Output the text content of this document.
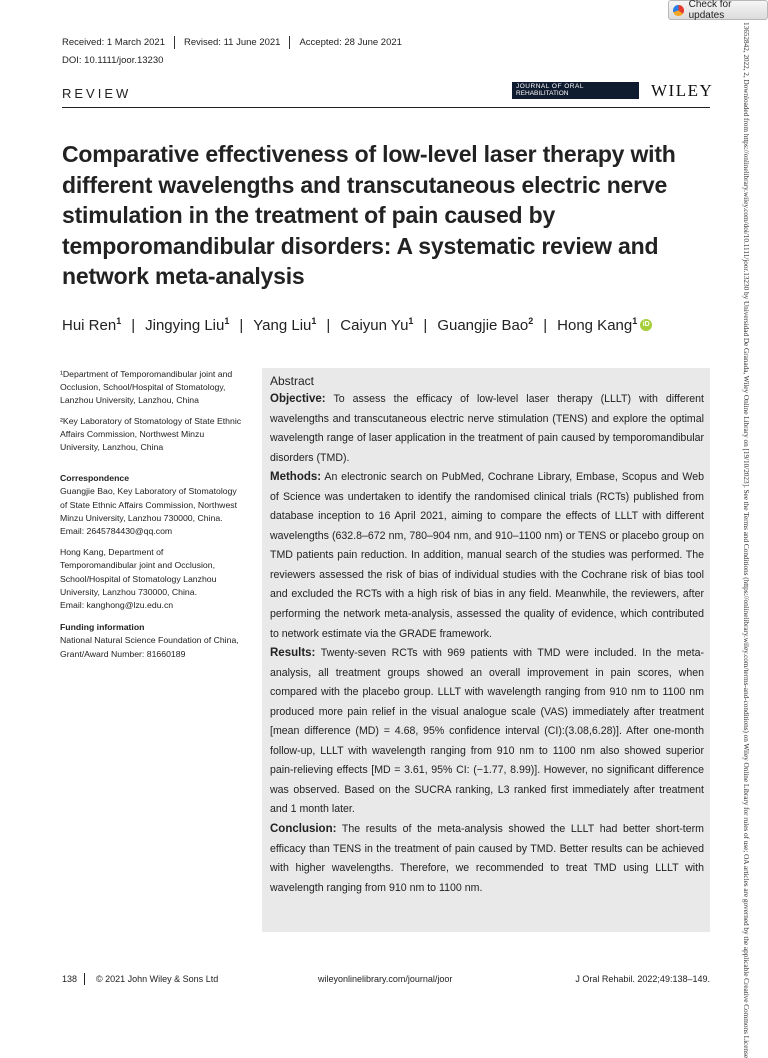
Check for updates
Received: 1 March 2021 Revised: 11 June 2021 Accepted: 28 June 2021
DOI: 10.1111/joor.13230
REVIEW	JOURNAL OF ORAL
REHABILITATION	WILEY
Comparative effectiveness of low-level laser therapy with different wavelengths and transcutaneous electric nerve stimulation in the treatment of pain caused by temporomandibular disorders: A systematic review and network meta-analysis
Hui Ren$^1$ | Jingying Liu$^1$ | Yang Liu$^1$ | Caiyun Yu$^1$ | Guangjie Bao$^2$ | Hong Kang$^1$ iD

¹Department of Temporomandibular joint and Occlusion, School/Hospital of Stomatology, Lanzhou University, Lanzhou, China

²Key Laboratory of Stomatology of State Ethnic Affairs Commission, Northwest Minzu University, Lanzhou, China

Correspondence

Guangjie Bao, Key Laboratory of Stomatology of State Ethnic Affairs Commission, Northwest Minzu University, Lanzhou 730000, China.

Email: 2645784430@qq.com

Hong Kang, Department of Temporomandibular joint and Occlusion, School/Hospital of Stomatology Lanzhou University, Lanzhou 730000, China.

Email: kanghong@lzu.edu.cn

Funding information

National Natural Science Foundation of China, Grant/Award Number: 81660189

Abstract

Objective: To assess the efficacy of low-level laser therapy (LLLT) with different wavelengths and transcutaneous electric nerve stimulation (TENS) and explore the optimal wavelength range of laser application in the treatment of pain caused by temporomandibular disorders (TMD).

Methods: An electronic search on PubMed, Cochrane Library, Embase, Scopus and Web of Science was undertaken to identify the randomised clinical trials (RCTs) published from database inception to 16 April 2021, aiming to compare the effects of LLLT with different wavelengths (632.8–672 nm, 780–904 nm, and 910–1100 nm) or TENS or placebo group on TMD patients pain reduction. In addition, manual search of the studies was performed. The reviewers assessed the risk of bias of individual studies with the Cochrane risk of bias tool and excluded the RCTs with a high risk of bias in any field. Meanwhile, the reviewers, after performing the network meta-analysis, assessed the quality of evidence, which contributed to network estimate via the GRADE framework.

Results: Twenty-seven RCTs with 969 patients with TMD were included. In the meta-analysis, all treatment groups showed an overall improvement in pain scores, when compared with the placebo group. LLLT with wavelength ranging from 910 nm to 1100 nm produced more pain relief in the visual analogue scale (VAS) immediately after treatment [mean difference (MD) = 4.68, 95% confidence interval (CI):(3.08,6.28)]. After one-month follow-up, LLLT with wavelength ranging from 910 nm to 1100 nm also showed superior pain-relieving effects [MD = 3.61, 95% CI: (−1.77, 8.99)]. However, no significant difference was observed. Based on the SUCRA ranking, L3 ranked first immediately after treatment and 1 month later.

Conclusion: The results of the meta-analysis showed the LLLT had better short-term efficacy than TENS in the treatment of pain caused by TMD. Better results can be achieved with higher wavelengths. Therefore, we recommended to treat TMD using LLLT with wavelength ranging from 910 nm to 1100 nm.

138 © 2021 John Wiley & Sons Ltd	wileyonlinelibrary.com/journal/joor	J Oral Rehabil. 2022;49:138–149.	13652842, 2022, 2, Downloaded from https://onlinelibrary.wiley.com/doi/10.1111/joor.13230 by Universidad De Granada, Wiley Online Library on [19/10/2023]. See the Terms and Conditions (https://onlinelibrary.wiley.com/terms-and-conditions) on Wiley Online Library for rules of use; OA articles are governed by the applicable Creative Commons License
